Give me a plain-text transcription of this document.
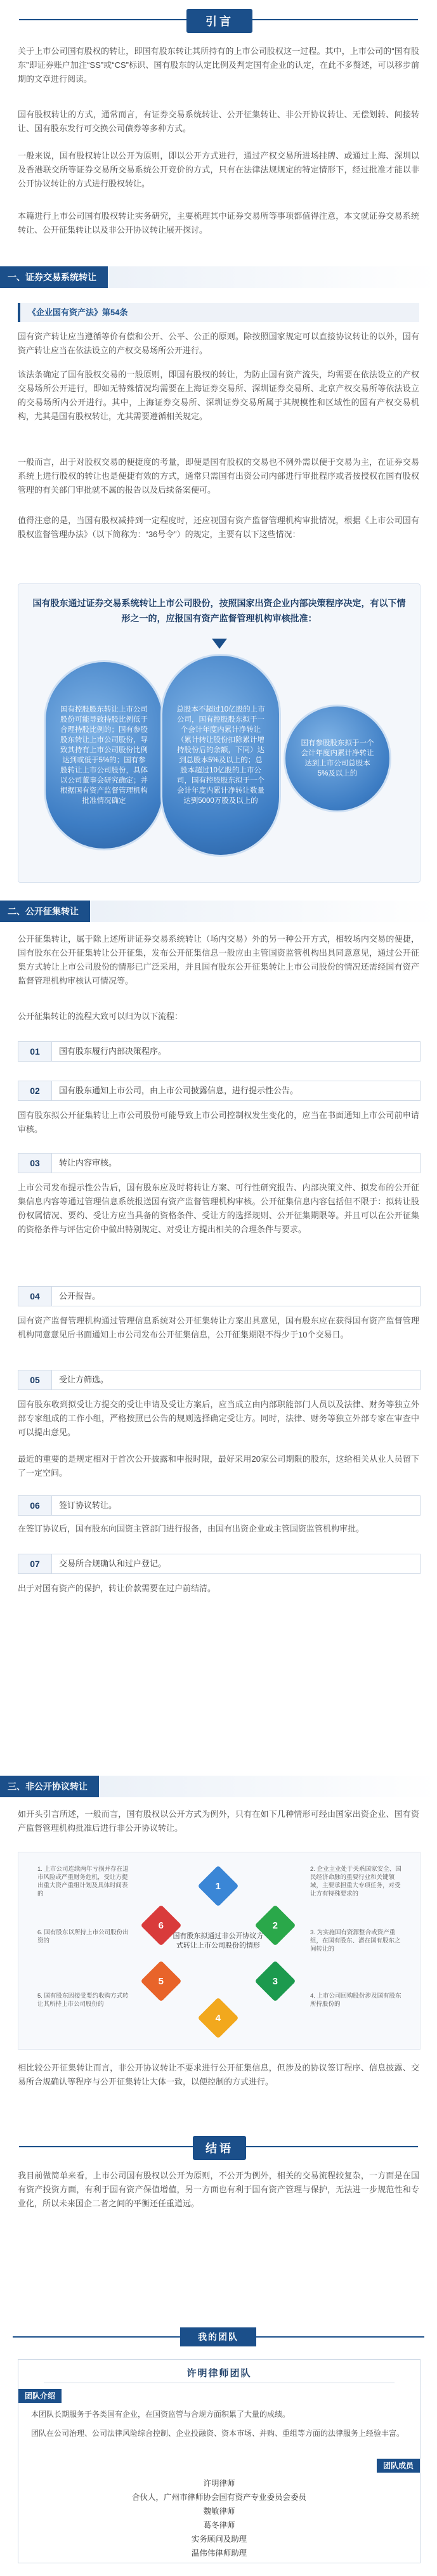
引言
关于上市公司国有股权的转让，即国有股东转让其所持有的上市公司股权这一过程。其中，上市公司的“国有股东”即证券账户加注“SS”或“CS”标识、国有股东的认定比例及判定国有企业的认定，在此不多赘述，可以移步前期的文章进行阅读。
国有股权转让的方式，通常而言，有证券交易系统转让、公开征集转让、非公开协议转让、无偿划转、间接转让、国有股东发行可交换公司债券等多种方式。
一般来说，国有股权转让以公开为原则，即以公开方式进行，通过产权交易所进场挂牌、或通过上海、深圳以及香港联交所等证券交易所交易系统公开竞价的方式，只有在法律法规规定的特定情形下，经过批准才能以非公开协议转让的方式进行股权转让。
本篇进行上市公司国有股权转让实务研究，主要梳理其中证券交易所等事项都值得注意，本文就证券交易系统转让、公开征集转让以及非公开协议转让展开探讨。
一、证券交易系统转让
《企业国有资产法》第54条
国有资产转让应当遵循等价有偿和公开、公平、公正的原则。除按照国家规定可以直接协议转让的以外，国有资产转让应当在依法设立的产权交易场所公开进行。
该法条确定了国有股权交易的一般原则，即国有股权的转让，为防止国有资产流失，均需要在依法设立的产权交易场所公开进行，即如无特殊情况均需要在上海证券交易所、深圳证券交易所、北京产权交易所等依法设立的交易场所内公开进行。其中，上海证券交易所、深圳证券交易所属于其规模性和区域性的国有产权交易机构，尤其是国有股权转让，尤其需要遵循相关规定。
一般而言，出于对股权交易的便捷度的考量，即便是国有股权的交易也不例外需以便于交易为主，在证券交易系统上进行股权的转让也是便捷有效的方式，通常只需国有出资公司内部进行审批程序或者按授权在国有股权管理的有关部门审批就不属的报告以及后续备案便可。
值得注意的是，当国有股权减持到一定程度时，还应视国有资产监督管理机构审批情况，根据《上市公司国有股权监督管理办法》（以下简称为：“36号令”）的规定，主要有以下这些情况：
国有股东通过证券交易系统转让上市公司股份，按照国家出资企业内部决策程序决定，有以下情形之一的，应报国有资产监督管理机构审核批准：
国有控股股东转让上市公司股份可能导致持股比例低于合理持股比例的；国有参股股东转让上市公司股份，导致其持有上市公司股份比例达到或低于5%的；国有参股转让上市公司股份，具体以公司董事会研究确定；并根据国有资产监督管理机构批准情况确定
总股本不超过10亿股的上市公司，国有控股股东拟于一个会计年度内累计净转让（累计转让股份扣除累计增持股份后的余额，下同）达到总股本5%及以上的；总股本超过10亿股的上市公司，国有控股股东拟于一个会计年度内累计净转让数量达到5000万股及以上的
国有参股股东拟于一个会计年度内累计净转让达到上市公司总股本5%及以上的
二、公开征集转让
公开征集转让，属于除上述所讲证券交易系统转让（场内交易）外的另一种公开方式，相较场内交易的便捷，国有股东在公开征集转让公开征集，发布公开征集信息一般应由主管国资监管机构出具同意意见，通过公开征集方式转让上市公司股份的情形已广泛采用，并且国有股东公开征集转让上市公司股份的情况还需经国有资产监督管理机构审核认可情况等。
公开征集转让的流程大致可以归为以下流程：
01	国有股东履行内部决策程序。
02	国有股东通知上市公司，由上市公司披露信息，进行提示性公告。
国有股东拟公开征集转让上市公司股份可能导致上市公司控制权发生变化的，应当在书面通知上市公司前申请审核。
03	转让内容审核。
上市公司发布提示性公告后，国有股东应及时将转让方案、可行性研究报告、内部决策文件、拟发布的公开征集信息内容等通过管理信息系统报送国有资产监督管理机构审核。公开征集信息内容包括但不限于：拟转让股份权属情况、要约、受让方应当具备的资格条件、受让方的选择规则、公开征集期限等。并且可以在公开征集的资格条件与评估定价中做出特别规定、对受让方提出相关的合理条件与要求。
04	公开报告。
国有资产监督管理机构通过管理信息系统对公开征集转让方案出具意见，国有股东应在获得国有资产监督管理机构同意意见后书面通知上市公司发布公开征集信息，公开征集期限不得少于10个交易日。
05	受让方筛选。
国有股东收到拟受让方提交的受让申请及受让方案后，应当成立由内部职能部门人员以及法律、财务等独立外部专家组成的工作小组，严格按照已公告的规则选择确定受让方。同时，法律、财务等独立外部专家在审查中可以提出意见。
最近的重要的是规定相对于首次公开披露和申报时限，最好采用20家公司期限的股东，这给相关从业人员留下了一定空间。
06	签订协议转让。
在签订协议后，国有股东向国资主管部门进行报备，由国有出资企业或主管国资监管机构审批。
07	交易所合规确认和过户登记。
出于对国有资产的保护，转让价款需要在过户前结清。
三、非公开协议转让
如开头引言所述，一般而言，国有股权以公开方式为例外，只有在如下几种情形可经由国家出资企业、国有资产监督管理机构批准后进行非公开协议转让。
国有股东拟通过非公开协议方式转让上市公司股份的情形
1
2
3
4
5
6
1. 上市公司连续两年亏损并存在退市风险或严重财务危机，受让方提出重大资产重组计划及具体时间表的
2. 企业主业处于关系国家安全、国民经济命脉的重要行业和关键领域，主要承担重大专项任务，对受让方有特殊要求的
3. 为实施国有资源整合或资产重组，在国有股东、潜在国有股东之间转让的
4. 上市公司回购股份涉及国有股东所持股份的
5. 国有股东因接受要约收购方式转让其所持上市公司股份的
6. 国有股东以所持上市公司股份出资的
相比较公开征集转让而言，非公开协议转让不要求进行公开征集信息，但涉及的协议签订程序、信息披露、交易所合规确认等程序与公开征集转让大体一致，以便控制的方式进行。
结语
我目前做简单来看，上市公司国有股权以公开为原则，不公开为例外，相关的交易流程较复杂，一方面是在国有资产投资方面，有利于国有资产保值增值，另一方面也有利于国有资产管理与保护，无法进一步规范性和专业化，所以未来国企二者之间的平衡还任重道远。
我的团队
许明律师团队
团队介绍
本团队长期服务于各类国有企业，在国资监管与合规方面积累了大量的成绩。
团队在公司治理、公司法律风险综合控制、企业投融资、资本市场、并购、重组等方面的法律服务上经验丰富。
团队成员
许明律师
合伙人，广州市律师协会国有资产专业委员会委员
魏敏律师
葛冬律师
实务顾问及助理
温伟伟律师助理
